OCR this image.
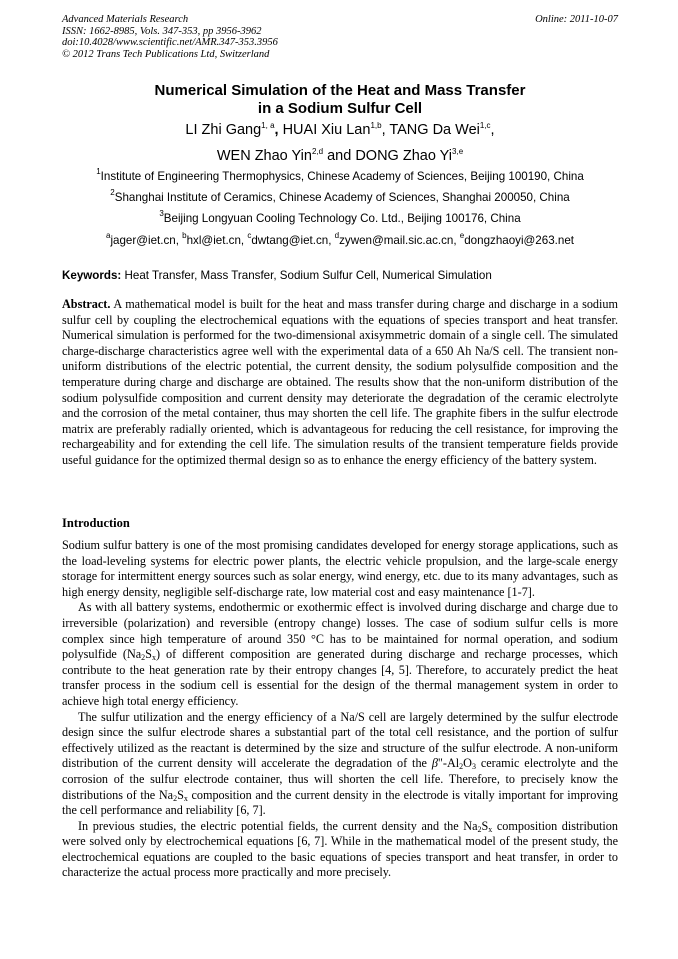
Advanced Materials Research
ISSN: 1662-8985, Vols. 347-353, pp 3956-3962
doi:10.4028/www.scientific.net/AMR.347-353.3956
© 2012 Trans Tech Publications Ltd, Switzerland
Online: 2011-10-07
Numerical Simulation of the Heat and Mass Transfer
in a Sodium Sulfur Cell
LI Zhi Gang$^{1, a}$, HUAI Xiu Lan$^{1,b}$, TANG Da Wei$^{1,c}$,
WEN Zhao Yin$^{2,d}$ and DONG Zhao Yi$^{3,e}$
$^1$Institute of Engineering Thermophysics, Chinese Academy of Sciences, Beijing 100190, China
$^2$Shanghai Institute of Ceramics, Chinese Academy of Sciences, Shanghai 200050, China
$^3$Beijing Longyuan Cooling Technology Co. Ltd., Beijing 100176, China
$^a$jager@iet.cn, $^b$hxl@iet.cn, $^c$dwtang@iet.cn, $^d$zywen@mail.sic.ac.cn, $^e$dongzhaoyi@263.net
Keywords: Heat Transfer, Mass Transfer, Sodium Sulfur Cell, Numerical Simulation

Abstract. A mathematical model is built for the heat and mass transfer during charge and discharge in a sodium sulfur cell by coupling the electrochemical equations with the equations of species transport and heat transfer. Numerical simulation is performed for the two-dimensional axisymmetric domain of a single cell. The simulated charge-discharge characteristics agree well with the experimental data of a 650 Ah Na/S cell. The transient non-uniform distributions of the electric potential, the current density, the sodium polysulfide composition and the temperature during charge and discharge are obtained. The results show that the non-uniform distribution of the sodium polysulfide composition and current density may deteriorate the degradation of the ceramic electrolyte and the corrosion of the metal container, thus may shorten the cell life. The graphite fibers in the sulfur electrode matrix are preferably radially oriented, which is advantageous for reducing the cell resistance, for improving the rechargeability and for extending the cell life. The simulation results of the transient temperature fields provide useful guidance for the optimized thermal design so as to enhance the energy efficiency of the battery system.

Introduction

Sodium sulfur battery is one of the most promising candidates developed for energy storage applications, such as the load-leveling systems for electric power plants, the electric vehicle propulsion, and the large-scale energy storage for intermittent energy sources such as solar energy, wind energy, etc. due to its many advantages, such as high energy density, negligible self-discharge rate, low material cost and easy maintenance [1-7].

As with all battery systems, endothermic or exothermic effect is involved during discharge and charge due to irreversible (polarization) and reversible (entropy change) losses. The case of sodium sulfur cells is more complex since high temperature of around 350 °C has to be maintained for normal operation, and sodium polysulfide $(Na_2S_x)$ of different composition are generated during discharge and recharge processes, which contribute to the heat generation rate by their entropy changes [4, 5]. Therefore, to accurately predict the heat transfer process in the sodium cell is essential for the design of the thermal management system in order to achieve high total energy efficiency.

The sulfur utilization and the energy efficiency of a Na/S cell are largely determined by the sulfur electrode design since the sulfur electrode shares a substantial part of the total cell resistance, and the portion of sulfur effectively utilized as the reactant is determined by the size and structure of the sulfur electrode. A non-uniform distribution of the current density will accelerate the degradation of the $\beta"-Al_2O_3$ ceramic electrolyte and the corrosion of the sulfur electrode container, thus will shorten the cell life. Therefore, to precisely know the distributions of the $Na_2S_x$ composition and the current density in the electrode is vitally important for improving the cell performance and reliability [6, 7].

In previous studies, the electric potential fields, the current density and the $Na_2S_x$ composition distribution were solved only by electrochemical equations [6, 7]. While in the mathematical model of the present study, the electrochemical equations are coupled to the basic equations of species transport and heat transfer, in order to characterize the actual process more practically and more precisely.
